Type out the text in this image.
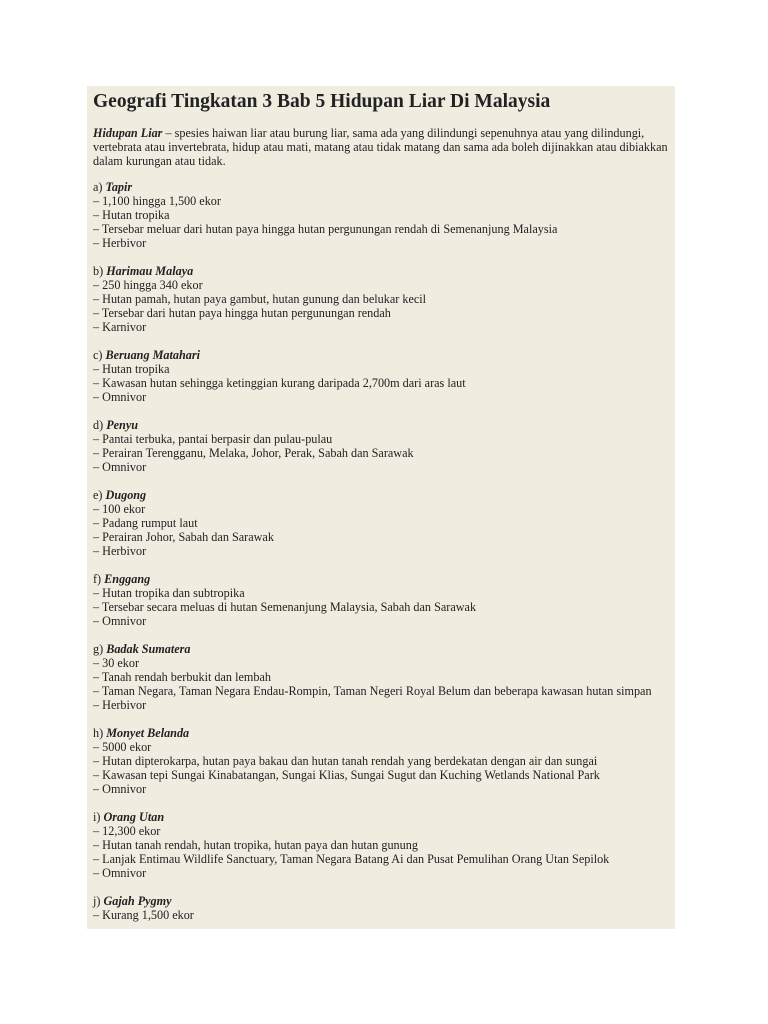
Geografi Tingkatan 3 Bab 5 Hidupan Liar Di Malaysia

Hidupan Liar – spesies haiwan liar atau burung liar, sama ada yang dilindungi sepenuhnya atau yang dilindungi, vertebrata atau invertebrata, hidup atau mati, matang atau tidak matang dan sama ada boleh dijinakkan atau dibiakkan dalam kurungan atau tidak.

a) Tapir
– 1,100 hingga 1,500 ekor
– Hutan tropika
– Tersebar meluar dari hutan paya hingga hutan pergunungan rendah di Semenanjung Malaysia
– Herbivor
b) Harimau Malaya
– 250 hingga 340 ekor
– Hutan pamah, hutan paya gambut, hutan gunung dan belukar kecil
– Tersebar dari hutan paya hingga hutan pergunungan rendah
– Karnivor
c) Beruang Matahari
– Hutan tropika
– Kawasan hutan sehingga ketinggian kurang daripada 2,700m dari aras laut
– Omnivor
d) Penyu
– Pantai terbuka, pantai berpasir dan pulau-pulau
– Perairan Terengganu, Melaka, Johor, Perak, Sabah dan Sarawak
– Omnivor
e) Dugong
– 100 ekor
– Padang rumput laut
– Perairan Johor, Sabah dan Sarawak
– Herbivor
f) Enggang
– Hutan tropika dan subtropika
– Tersebar secara meluas di hutan Semenanjung Malaysia, Sabah dan Sarawak
– Omnivor
g) Badak Sumatera
– 30 ekor
– Tanah rendah berbukit dan lembah
– Taman Negara, Taman Negara Endau-Rompin, Taman Negeri Royal Belum dan beberapa kawasan hutan simpan
– Herbivor
h) Monyet Belanda
– 5000 ekor
– Hutan dipterokarpa, hutan paya bakau dan hutan tanah rendah yang berdekatan dengan air dan sungai
– Kawasan tepi Sungai Kinabatangan, Sungai Klias, Sungai Sugut dan Kuching Wetlands National Park
– Omnivor
i) Orang Utan
– 12,300 ekor
– Hutan tanah rendah, hutan tropika, hutan paya dan hutan gunung
– Lanjak Entimau Wildlife Sanctuary, Taman Negara Batang Ai dan Pusat Pemulihan Orang Utan Sepilok
– Omnivor
j) Gajah Pygmy
– Kurang 1,500 ekor
